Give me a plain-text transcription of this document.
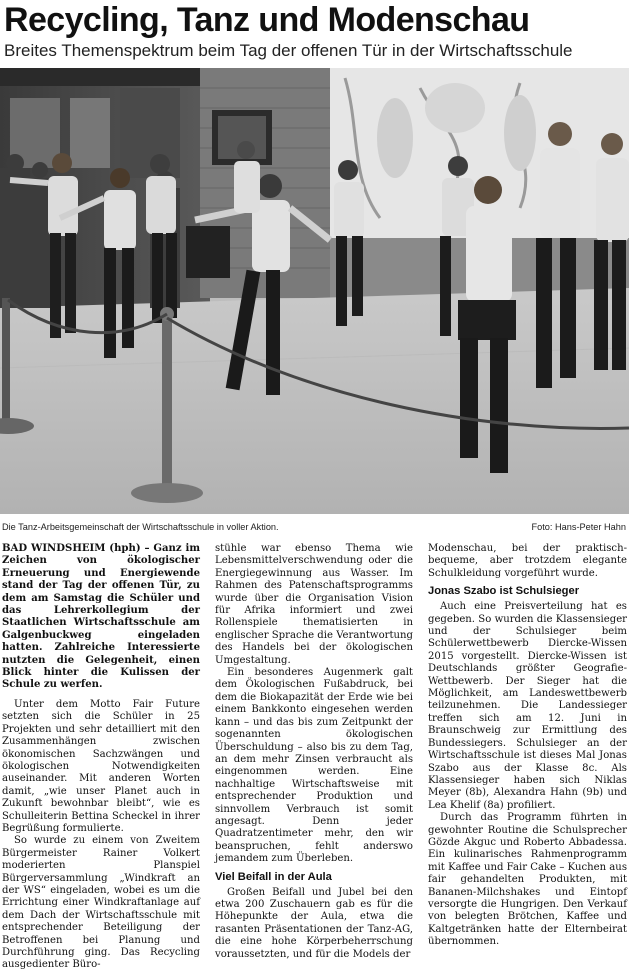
Recycling, Tanz und Modenschau
Breites Themenspektrum beim Tag der offenen Tür in der Wirtschaftsschule
Die Tanz-Arbeitsgemeinschaft der Wirtschaftsschule in voller Aktion.	Foto: Hans-Peter Hahn

BAD WINDSHEIM (hph) – Ganz im Zeichen von ökologischer Erneuerung und Energiewende stand der Tag der offenen Tür, zu dem am Samstag die Schüler und das Lehrerkollegium der Staatlichen Wirtschaftsschule am Galgenbuckweg eingeladen hatten. Zahlreiche Interessierte nutzten die Gelegenheit, einen Blick hinter die Kulissen der Schule zu werfen.

Unter dem Motto Fair Future setzten sich die Schüler in 25 Projekten und sehr detailliert mit den Zusammenhängen zwischen ökonomischen Sachzwängen und ökologischen Notwendigkeiten auseinander. Mit anderen Worten damit, „wie unser Planet auch in Zukunft bewohnbar bleibt“, wie es Schulleiterin Bettina Scheckel in ihrer Begrüßung formulierte.

So wurde zu einem von Zweitem Bürgermeister Rainer Volkert moderierten Planspiel Bürgerversammlung „Windkraft an der WS“ eingeladen, wobei es um die Errichtung einer Windkraftanlage auf dem Dach der Wirtschaftsschule mit entsprechender Beteiligung der Betroffenen bei Planung und Durchführung ging. Das Recycling ausgedienter Büro-

stühle war ebenso Thema wie Lebensmittelverschwendung oder die Energiegewinnung aus Wasser. Im Rahmen des Patenschaftsprogramms wurde über die Organisation Vision für Afrika informiert und zwei Rollenspiele thematisierten in englischer Sprache die Verantwortung des Handels bei der ökologischen Umgestaltung.

Ein besonderes Augenmerk galt dem Ökologischen Fußabdruck, bei dem die Biokapazität der Erde wie bei einem Bankkonto eingesehen werden kann – und das bis zum Zeitpunkt der sogenannten ökologischen Überschuldung – also bis zu dem Tag, an dem mehr Zinsen verbraucht als eingenommen werden. Eine nachhaltige Wirtschaftsweise mit entsprechender Produktion und sinnvollem Verbrauch ist somit angesagt. Denn jeder Quadratzentimeter mehr, den wir beanspruchen, fehlt anderswo jemandem zum Überleben.

Viel Beifall in der Aula

Großen Beifall und Jubel bei den etwa 200 Zuschauern gab es für die Höhepunkte der Aula, etwa die rasanten Präsentationen der Tanz-AG, die eine hohe Körperbeherrschung voraussetzten, und für die Models der

Modenschau, bei der praktisch-bequeme, aber trotzdem elegante Schulkleidung vorgeführt wurde.

Jonas Szabo ist Schulsieger

Auch eine Preisverteilung hat es gegeben. So wurden die Klassensieger und der Schulsieger beim Schülerwettbewerb Diercke-Wissen 2015 vorgestellt. Diercke-Wissen ist Deutschlands größter Geografie-Wettbewerb. Der Sieger hat die Möglichkeit, am Landeswettbewerb teilzunehmen. Die Landessieger treffen sich am 12. Juni in Braunschweig zur Ermittlung des Bundessiegers. Schulsieger an der Wirtschaftsschule ist dieses Mal Jonas Szabo aus der Klasse 8c. Als Klassensieger haben sich Niklas Meyer (8b), Alexandra Hahn (9b) und Lea Khelif (8a) profiliert.

Durch das Programm führten in gewohnter Routine die Schulsprecher Gözde Akguc und Roberto Abbadessa. Ein kulinarisches Rahmenprogramm mit Kaffee und Fair Cake – Kuchen aus fair gehandelten Produkten, mit Bananen-Milchshakes und Eintopf versorgte die Hungrigen. Den Verkauf von belegten Brötchen, Kaffee und Kaltgetränken hatte der Elternbeirat übernommen.
